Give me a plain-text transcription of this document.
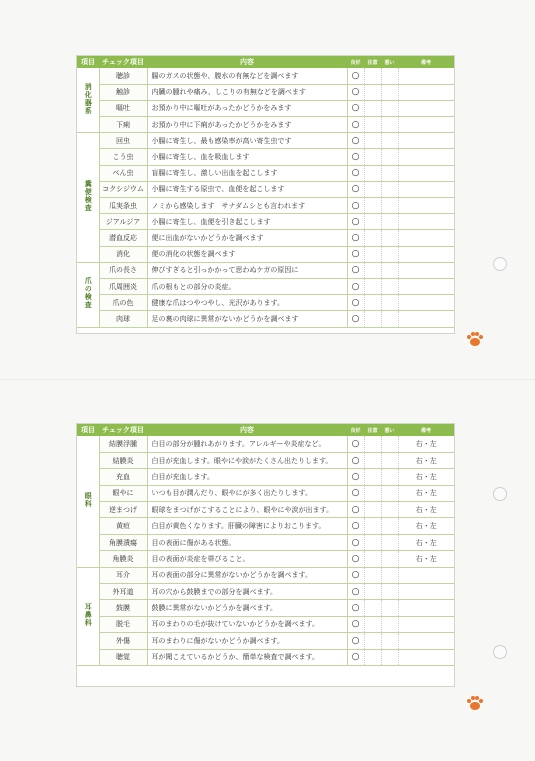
項目	チェック項目	内容	良好	注意	悪い	備考
消化器系	聴診	腸のガスの状態や、腹水の有無などを調べます	○			
	触診	内臓の腫れや痛み、しこりの有無などを調べます	○			
	嘔吐	お預かり中に嘔吐があったかどうかをみます	○			
	下痢	お預かり中に下痢があったかどうかをみます	○			
糞便検査	回虫	小腸に寄生し、最も感染率が高い寄生虫です	○			
	こう虫	小腸に寄生し、血を吸血します	○			
	べん虫	盲腸に寄生し、激しい出血を起こします	○			
	コクシジウム	小腸に寄生する原虫で、血便を起こします	○			
	瓜実条虫	ノミから感染します　サナダムシとも言われます	○			
	ジアルジア	小腸に寄生し、血便を引き起こします	○			
	潜血反応	便に出血がないかどうかを調べます	○			
	消化	便の消化の状態を調べます	○			
爪の検査	爪の長さ	伸びすぎると引っかかって思わぬケガの原因に	○			
	爪周囲炎	爪の根もとの部分の炎症。	○			
	爪の色	健康な爪はつやつやし、光沢があります。	○			
	肉球	足の裏の肉球に異常がないかどうかを調べます	○			
項目	チェック項目	内容	良好	注意	悪い	備考
眼科	結膜浮腫	白目の部分が腫れあがります。アレルギーや炎症など。	○			右・左
	結膜炎	白目が充血します。眼やにや涙がたくさん出たりします。	○			右・左
	充血	白目が充血します。	○			右・左
	眼やに	いつも目が潤んだり、眼やにが多く出たりします。	○			右・左
	逆まつげ	眼球をまつげがこすることにより、眼やにや涙が出ます。	○			右・左
	黄疸	白目が黄色くなります。肝臓の障害によりおこります。	○			右・左
	角膜潰瘍	目の表面に傷がある状態。	○			右・左
	角膜炎	目の表面が炎症を帯びること。	○			右・左
耳鼻科	耳介	耳の表面の部分に異常がないかどうかを調べます。	○			
	外耳道	耳の穴から鼓膜までの部分を調べます。	○			
	鼓膜	鼓膜に異常がないかどうかを調べます。	○			
	脱毛	耳のまわりの毛が抜けていないかどうかを調べます。	○			
	外傷	耳のまわりに傷がないかどうか調べます。	○			
	聴覚	耳が聞こえているかどうか、簡単な検査で調べます。	○			
